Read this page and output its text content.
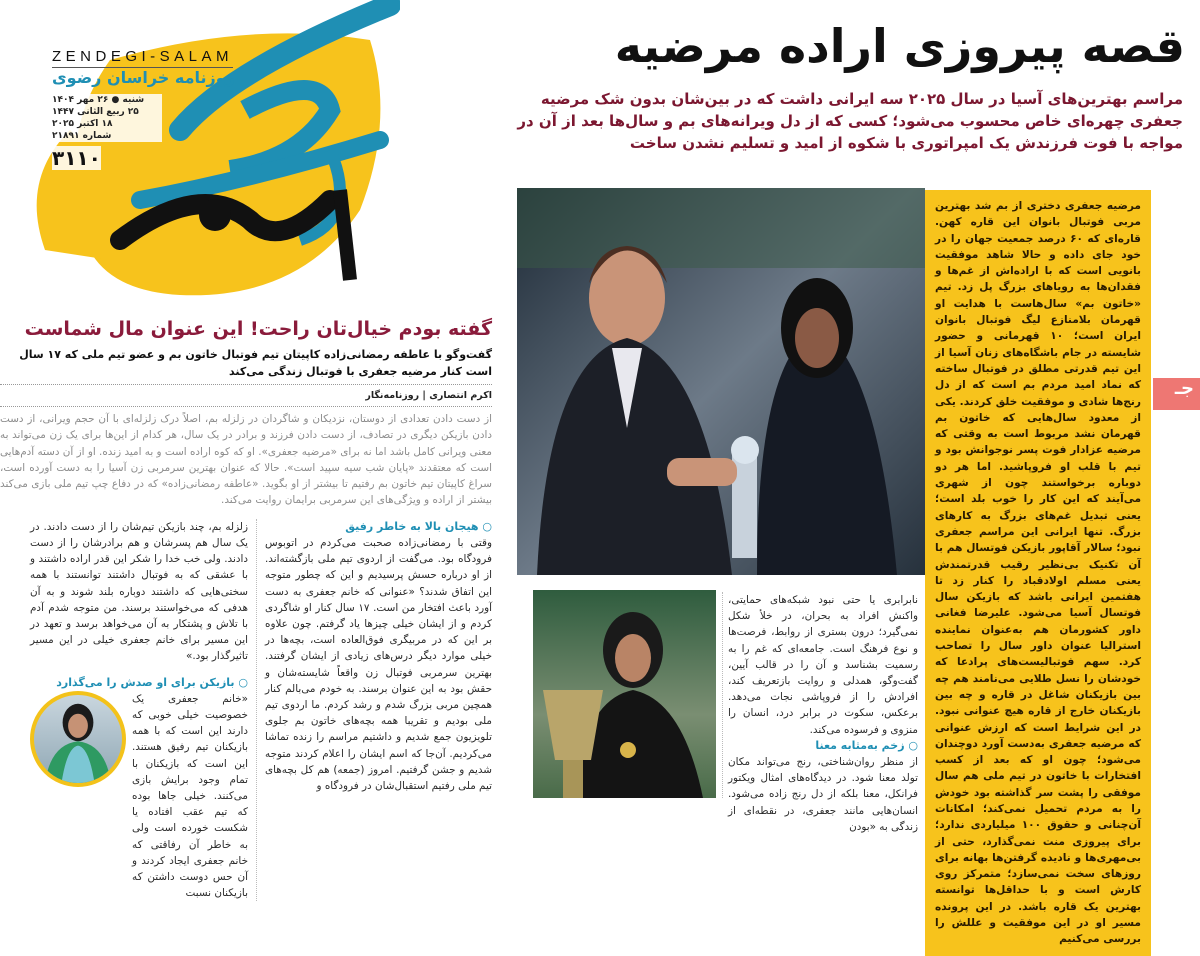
ZENDEGI-SALAM
روزنامه خراسان رضوی
شنبه ● ۲۶ مهر ۱۴۰۴
۲۵ ربیع الثانی ۱۴۴۷
۱۸ اکتبر ۲۰۲۵
شماره ۲۱۸۹۱
۳۱۱۰
قصه پیروزی اراده مرضیه

مراسم بهترین‌های آسیا در سال ۲۰۲۵ سه ایرانی داشت که در بین‌شان بدون شک مرضیه جعفری چهره‌ای خاص محسوب می‌شود؛ کسی که از دل ویرانه‌های بم و سال‌ها بعد از آن در مواجه با فوت فرزندش یک امپراتوری با شکوه از امید و تسلیم نشدن ساخت

مرضیه جعفری دختری از بم شد بهترین مربی فوتبال بانوان این قاره کهن. قاره‌ای که ۶۰ درصد جمعیت جهان را در خود جای داده و حالا شاهد موفقیت بانویی است که با اراده‌اش از غم‌ها و فقدان‌ها به رویاهای بزرگ پل زد. تیم «خاتون بم» سال‌هاست با هدایت او قهرمان بلامنازع لیگ فوتبال بانوان ایران است؛ ۱۰ قهرمانی و حضور شایسته در جام باشگاه‌های زنان آسیا از این تیم قدرتی مطلق در فوتبال ساخته که نماد امید مردم بم است که از دل رنج‌ها شادی و موفقیت خلق کردند. یکی از معدود سال‌هایی که خاتون بم قهرمان نشد مربوط است به وقتی که مرضیه عزادار فوت پسر نوجوانش بود و تیم با قلب او فروپاشید. اما هر دو دوباره برخواستند چون از شهری می‌آیند که این کار را خوب بلد است؛ یعنی تبدیل غم‌های بزرگ به کارهای بزرگ. تنها ایرانی این مراسم جعفری نبود؛ سالار آقاپور بازیکن فوتسال هم با آن تکنیک بی‌نظیر رقیب قدرتمندش یعنی مسلم اولادقباد را کنار زد تا هفتمین ایرانی باشد که بازیکن سال فوتسال آسیا می‌شود. علیرضا فغانی داور کشورمان هم به‌عنوان نماینده استرالیا عنوان داور سال را تصاحب کرد. سهم فوتبالیست‌های پرادعا که خودشان را نسل طلایی می‌نامند هم چه بین بازیکنان شاغل در قاره و چه بین بازیکنان خارج از قاره هیچ عنوانی نبود. در این شرایط است که ارزش عنوانی که مرضیه جعفری به‌دست آورد دوچندان می‌شود؛ چون او که بعد از کسب افتخارات با خاتون در تیم ملی هم سال موفقی را پشت سر گذاشته بود خودش را به مردم تحمیل نمی‌کند؛ امکانات آن‌چنانی و حقوق ۱۰۰ میلیاردی ندارد؛ برای پیروزی منت نمی‌گذارد، حتی از بی‌مهری‌ها و نادیده گرفتن‌ها بهانه برای روزهای سخت نمی‌سازد؛ متمرکز روی کارش است و با حداقل‌ها توانسته بهترین یک قاره باشد. در این پرونده مسیر او در این موفقیت و عللش را بررسی می‌کنیم
جـ

نابرابری یا حتی نبود شبکه‌های حمایتی، واکنش افراد به بحران، در خلأ شکل نمی‌گیرد؛ درون بستری از روابط، فرصت‌ها و نوع فرهنگ است. جامعه‌ای که غم را به رسمیت بشناسد و آن را در قالب آیین، گفت‌وگو، همدلی و روایت بازتعریف کند، افرادش را از فروپاشی نجات می‌دهد. برعکس، سکوت در برابر درد، انسان را منزوی و فرسوده می‌کند.

○ زخم به‌مثابه معنا

از منظر روان‌شناختی، رنج می‌تواند مکان تولد معنا شود. در دیدگاه‌های امثال ویکتور فرانکل، معنا بلکه از دل رنج زاده می‌شود. انسان‌هایی مانند جعفری، در نقطه‌ای از زندگی به «بودن

گفته بودم خیال‌تان راحت! این عنوان مال شماست
گفت‌وگو با عاطفه رمضانی‌زاده کاپیتان تیم فوتبال خاتون بم و عضو تیم ملی که ۱۷ سال است کنار مرضیه جعفری با فوتبال زندگی می‌کند
اکرم انتصاری | روزنامه‌نگار

از دست دادن تعدادی از دوستان، نزدیکان و شاگردان در زلزله بم، اصلاً درک زلزله‌ای با آن حجم ویرانی، از دست دادن بازیکن دیگری در تصادف، از دست دادن فرزند و برادر در یک سال، هر کدام از این‌ها برای یک زن می‌تواند به معنی ویرانی کامل باشد اما نه برای «مرضیه جعفری». او که کوه اراده است و به امید زنده. او از آن دسته آدم‌هایی است که معتقدند «پایان شب سیه سپید است». حالا که عنوان بهترین سرمربی زن آسیا را به دست آورده است، سراغ کاپیتان تیم خاتون بم رفتیم تا بیشتر از او بگوید. «عاطفه رمضانی‌زاده» که در دفاع چپ تیم ملی بازی می‌کند بیشتر از اراده و ویژگی‌های این سرمربی برایمان روایت می‌کند.

○ هیجان بالا به خاطر رفیق

وقتی با رمضانی‌زاده صحبت می‌کردم در اتوبوس فرودگاه بود. می‌گفت از اردوی تیم ملی بازگشته‌اند. از او درباره حسش پرسیدیم و این که چطور متوجه این اتفاق شدند؟ «عنوانی که خانم جعفری به دست آورد باعث افتخار من است. ۱۷ سال کنار او شاگردی کردم و از ایشان خیلی چیزها یاد گرفتم. چون علاوه بر این که در مربیگری فوق‌العاده است، بچه‌ها در خیلی موارد دیگر درس‌های زیادی از ایشان گرفتند. بهترین سرمربی فوتبال زن واقعاً شایسته‌شان و حقش بود به این عنوان برسند. به خودم می‌بالم کنار همچین مربی بزرگ شدم و رشد کردم. ما اردوی تیم ملی بودیم و تقریبا همه بچه‌های خاتون بم جلوی تلویزیون جمع شدیم و داشتیم مراسم را زنده تماشا می‌کردیم. آن‌جا که اسم ایشان را اعلام کردند متوجه شدیم و جشن گرفتیم. امروز (جمعه) هم کل بچه‌های تیم ملی رفتیم استقبال‌شان در فرودگاه و

زلزله بم، چند بازیکن تیم‌شان را از دست دادند. در یک سال هم پسرشان و هم برادرشان را از دست دادند. ولی خب خدا را شکر این قدر اراده داشتند و با عشقی که به فوتبال داشتند توانستند با همه سختی‌هایی که داشتند دوباره بلند شوند و به آن هدفی که می‌خواستند برسند. من متوجه شدم آدم با تلاش و پشتکار به آن می‌خواهد برسد و تعهد در این مسیر برای خانم جعفری خیلی در این مسیر تاثیرگذار بود.»

○ بازیکن برای او صدش را می‌گذارد

«خانم جعفری یک خصوصیت خیلی خوبی که دارند این است که با همه بازیکنان تیم رفیق هستند. این است که بازیکنان با تمام وجود برایش بازی می‌کنند. خیلی جاها بوده که تیم عقب افتاده یا شکست خورده است ولی به خاطر آن رفاقتی که خانم جعفری ایجاد کردند و آن حس دوست داشتن که بازیکنان نسبت
